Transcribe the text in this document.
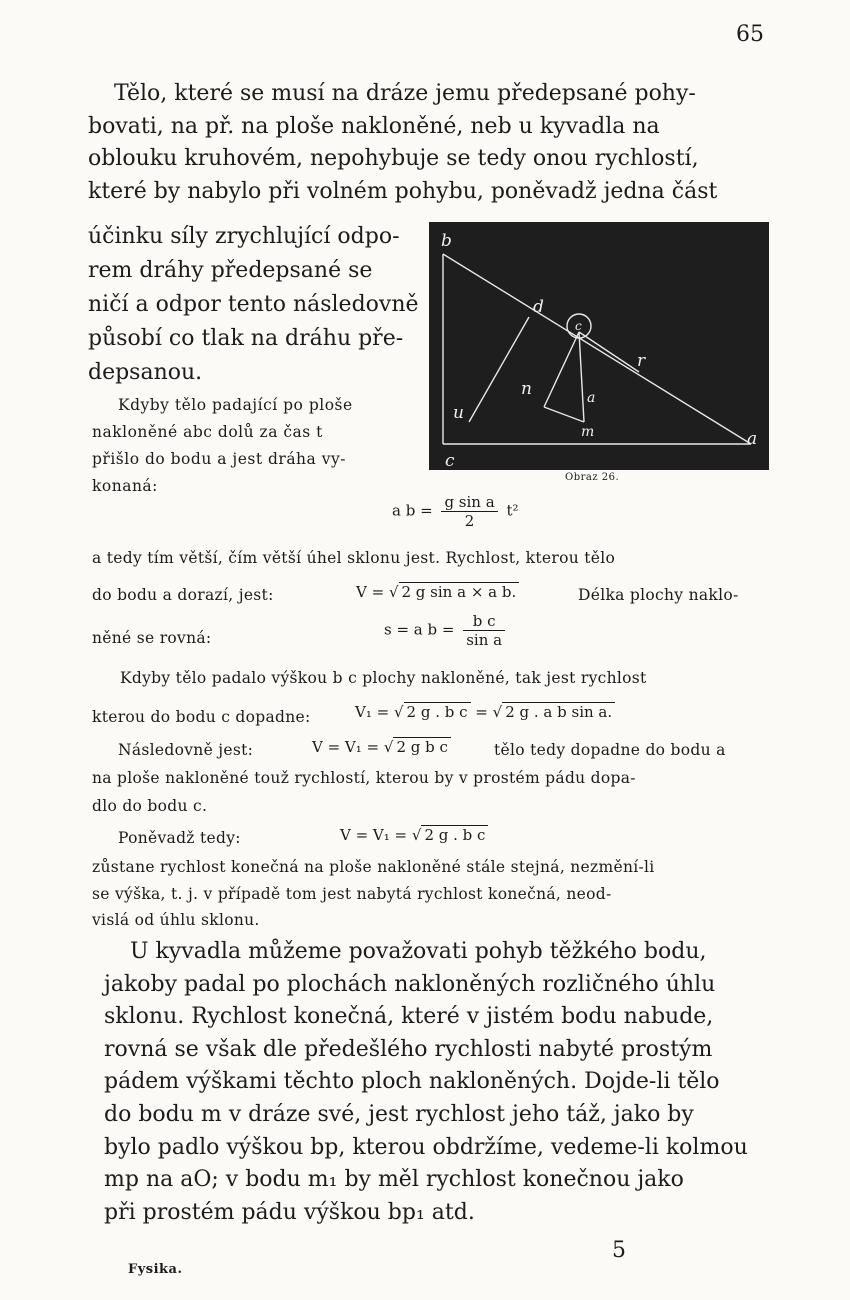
65
Tělo, které se musí na dráze jemu předepsané pohy-
bovati, na př. na ploše nakloněné, neb u kyvadla na
oblouku kruhovém, nepohybuje se tedy onou rychlostí,
které by nabylo při volném pohybu, poněvadž jedna část
účinku síly zrychlující odpo-
rem dráhy předepsané se
ničí a odpor tento následovně
působí co tlak na dráhu pře-
depsanou.
Kdyby tělo padající po ploše
nakloněné abc dolů za čas t
přišlo do bodu a jest dráha vy-
konaná:
b
d
c
r
n	a
u
m	a
c
Obraz 26.
a $b = \frac{\text{g sin a}}{2} t^2$
a tedy tím větší, čím větší úhel sklonu jest. Rychlost, kterou tělo
do bodu a dorazí, jest:	V = √ 2 g sin a × a b.	Délka plochy naklo-
něné se rovná:	s = a $b = \frac{\text{b c}}{\text{sin a}}$
Kdyby tělo padalo výškou b c plochy nakloněné, tak jest rychlost
kterou do bodu c dopadne:	V₁ = √ 2 g . b c = √ 2 g . a b sin a.
Následovně jest:	V = V₁ = √ 2 g b c	tělo tedy dopadne do bodu a
na ploše nakloněné touž rychlostí, kterou by v prostém pádu dopa-
dlo do bodu c.
Poněvadž tedy:	V = V₁ = √ 2 g . b c
zůstane rychlost konečná na ploše nakloněné stále stejná, nezmění-li
se výška, t. j. v případě tom jest nabytá rychlost konečná, neod-
vislá od úhlu sklonu.
U kyvadla můžeme považovati pohyb těžkého bodu,
jakoby padal po plochách nakloněných rozličného úhlu
sklonu. Rychlost konečná, které v jistém bodu nabude,
rovná se však dle předešlého rychlosti nabyté prostým
pádem výškami těchto ploch nakloněných. Dojde-li tělo
do bodu m v dráze své, jest rychlost jeho táž, jako by
bylo padlo výškou bp, kterou obdržíme, vedeme-li kolmou
mp na aO; v bodu m₁ by měl rychlost konečnou jako
při prostém pádu výškou bp₁ atd.
5
Fysika.
